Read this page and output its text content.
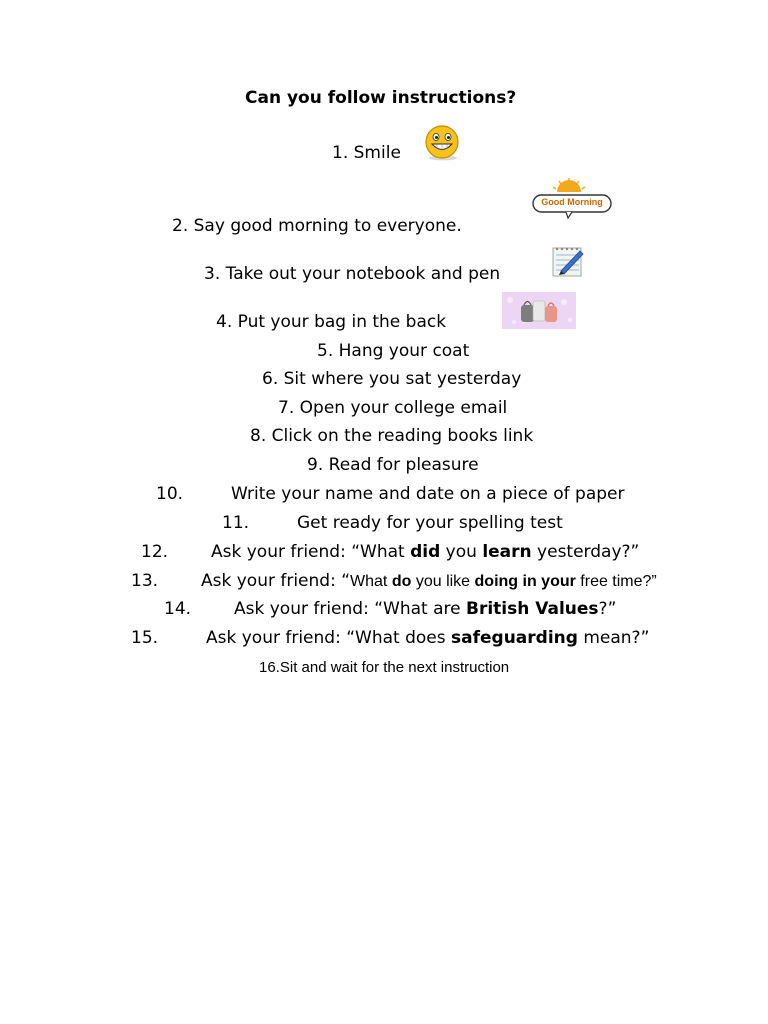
Can you follow instructions?
1. Smile
2. Say good morning to everyone.
Good Morning
3. Take out your notebook and pen
4. Put your bag in the back
5. Hang your coat
6. Sit where you sat yesterday
7. Open your college email
8. Click on the reading books link
9. Read for pleasure
10.	Write your name and date on a piece of paper
11.	Get ready for your spelling test
12.	Ask your friend: “What did you learn yesterday?”
13.	Ask your friend: “What do you like doing in your free time?”
14.	Ask your friend: “What are British Values?”
15.	Ask your friend: “What does safeguarding mean?”
16.Sit and wait for the next instruction
